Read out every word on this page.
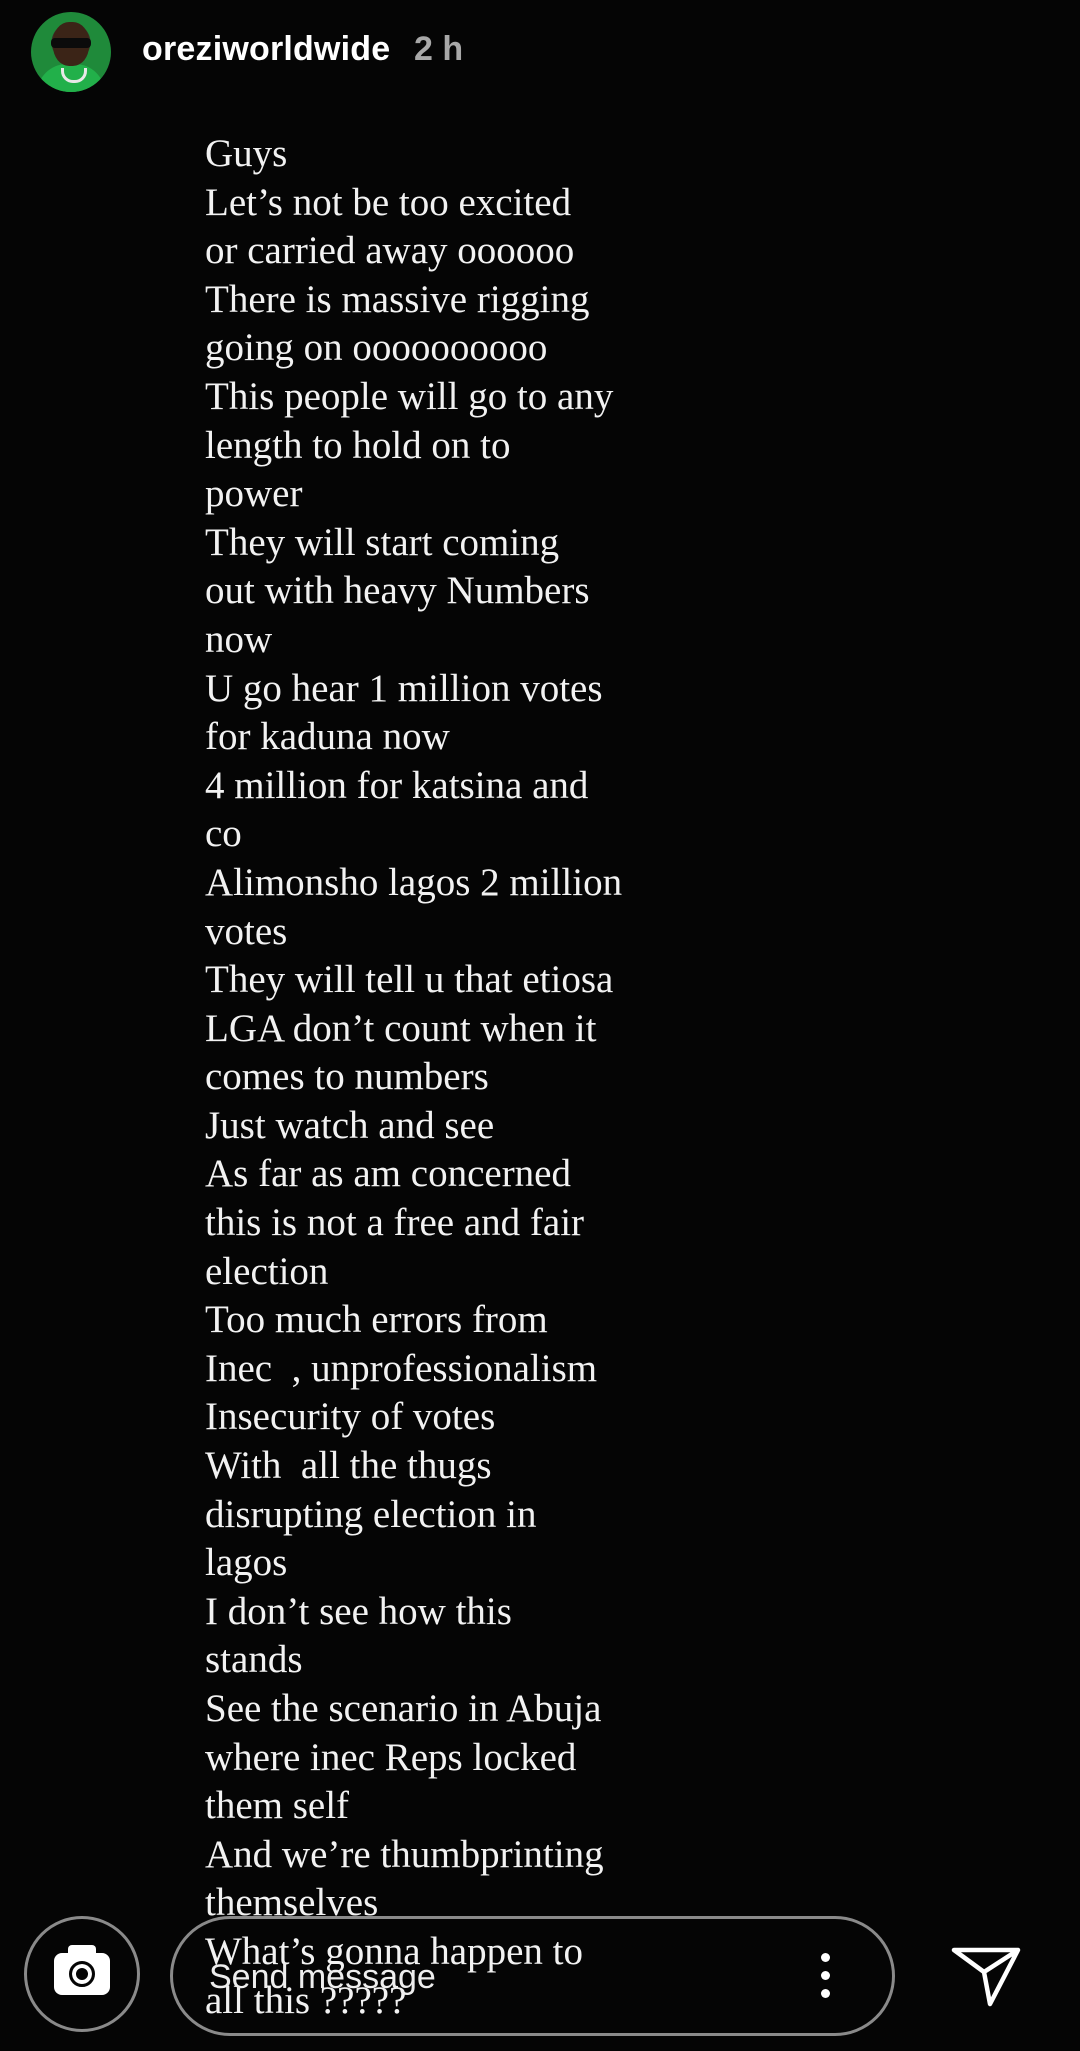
oreziworldwide 2 h

Guys
Let’s not be too excited
or carried away oooooo
There is massive rigging
going on oooooooooo
This people will go to any
length to hold on to
power
They will start coming
out with heavy Numbers
now
U go hear 1 million votes
for kaduna now
4 million for katsina and
co
Alimonsho lagos 2 million
votes
They will tell u that etiosa
LGA don’t count when it
comes to numbers
Just watch and see
As far as am concerned
this is not a free and fair
election
Too much errors from
Inec  , unprofessionalism
Insecurity of votes
With  all the thugs
disrupting election in
lagos
I don’t see how this
stands
See the scenario in Abuja
where inec Reps locked
them self
And we’re thumbprinting
themselves
What’s gonna happen to
all this ?????

Send message
